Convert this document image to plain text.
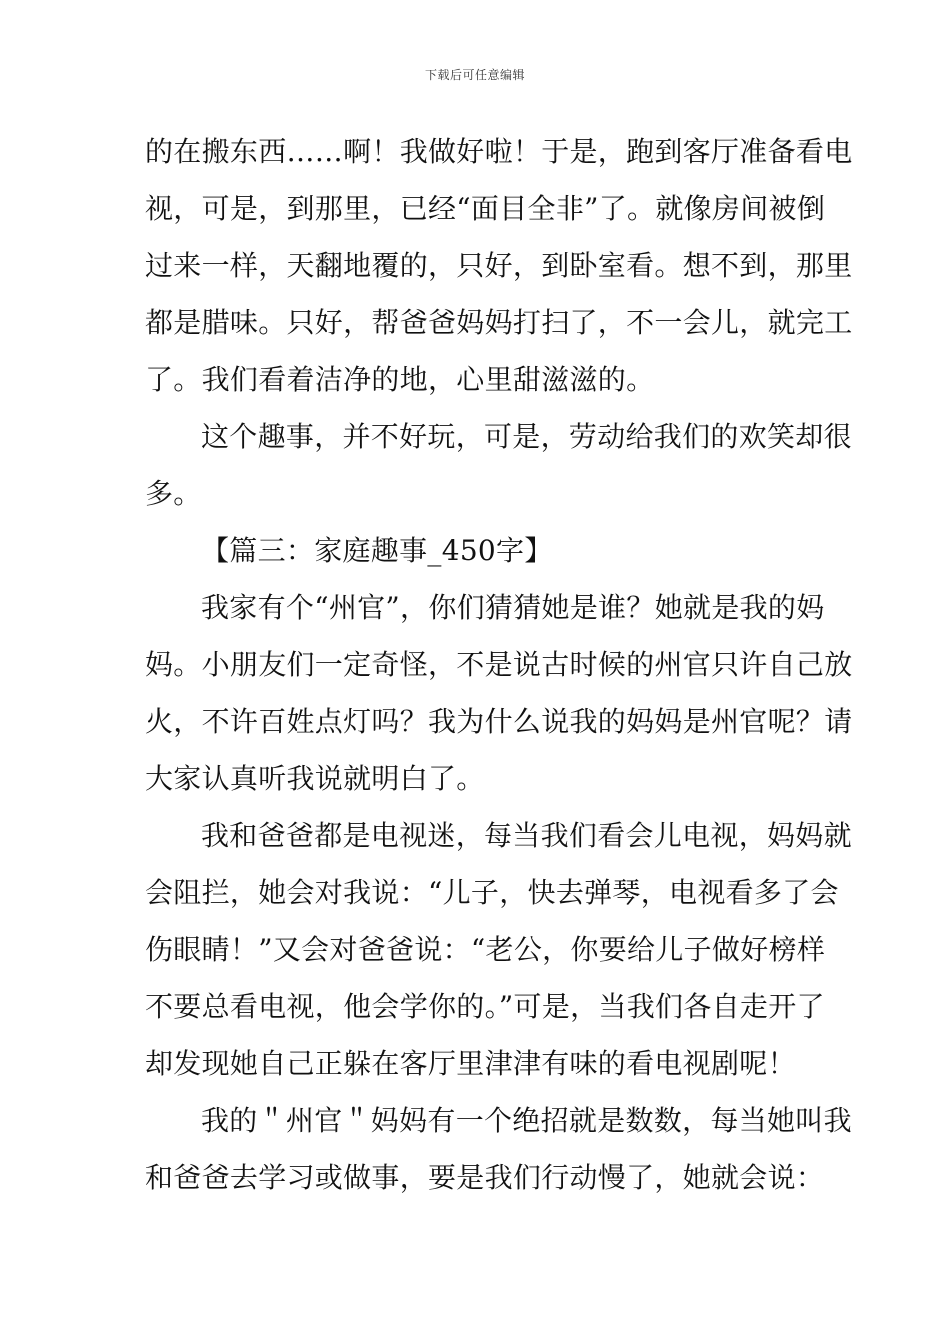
下载后可任意编辑
的在搬东西……啊！我做好啦！于是，跑到客厅准备看电
视，可是，到那里，已经“面目全非”了。就像房间被倒
过来一样，天翻地覆的，只好，到卧室看。想不到，那里
都是腊味。只好，帮爸爸妈妈打扫了，不一会儿，就完工
了。我们看着洁净的地，心里甜滋滋的。
这个趣事，并不好玩，可是，劳动给我们的欢笑却很
多。
【篇三：家庭趣事_450字】
我家有个“州官”，你们猜猜她是谁？她就是我的妈
妈。小朋友们一定奇怪，不是说古时候的州官只许自己放
火，不许百姓点灯吗？我为什么说我的妈妈是州官呢？请
大家认真听我说就明白了。
我和爸爸都是电视迷，每当我们看会儿电视，妈妈就
会阻拦，她会对我说：“儿子，快去弹琴，电视看多了会
伤眼睛！”又会对爸爸说：“老公，你要给儿子做好榜样
不要总看电视，他会学你的。”可是，当我们各自走开了
却发现她自己正躲在客厅里津津有味的看电视剧呢！
我的＂州官＂妈妈有一个绝招就是数数，每当她叫我
和爸爸去学习或做事，要是我们行动慢了，她就会说：
